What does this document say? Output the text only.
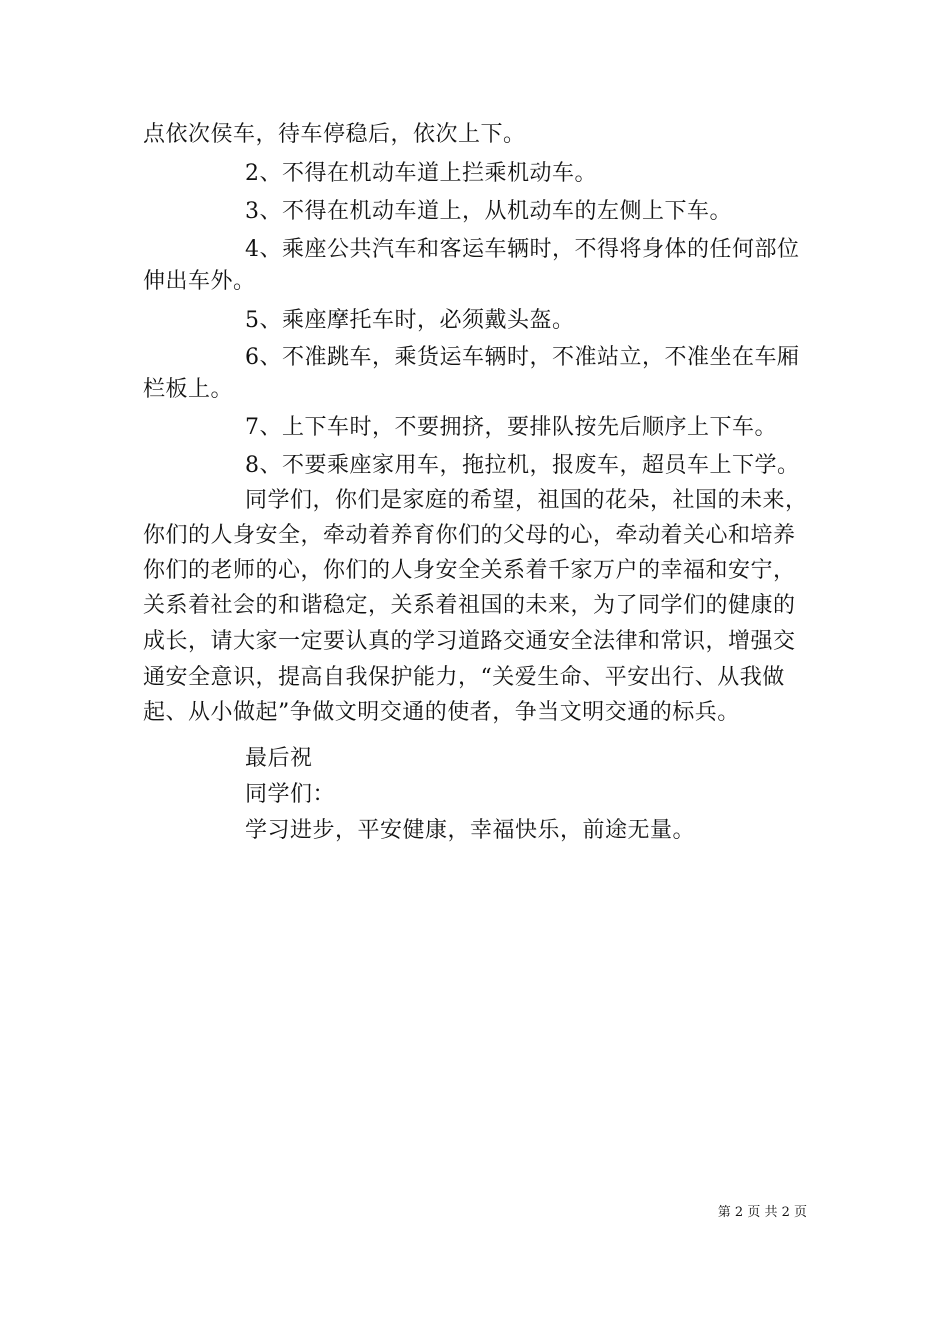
点依次侯车，待车停稳后，依次上下。
2、不得在机动车道上拦乘机动车。
3、不得在机动车道上，从机动车的左侧上下车。
4、乘座公共汽车和客运车辆时，不得将身体的任何部位
伸出车外。
5、乘座摩托车时，必须戴头盔。
6、不准跳车，乘货运车辆时，不准站立，不准坐在车厢
栏板上。
7、上下车时，不要拥挤，要排队按先后顺序上下车。
8、不要乘座家用车，拖拉机，报废车，超员车上下学。
同学们，你们是家庭的希望，祖国的花朵，社国的未来，
你们的人身安全，牵动着养育你们的父母的心，牵动着关心和培养
你们的老师的心，你们的人身安全关系着千家万户的幸福和安宁，
关系着社会的和谐稳定，关系着祖国的未来，为了同学们的健康的
成长，请大家一定要认真的学习道路交通安全法律和常识，增强交
通安全意识，提高自我保护能力，“关爱生命、平安出行、从我做
起、从小做起”争做文明交通的使者，争当文明交通的标兵。
最后祝
同学们：
学习进步，平安健康，幸福快乐，前途无量。
第 2 页 共 2 页
